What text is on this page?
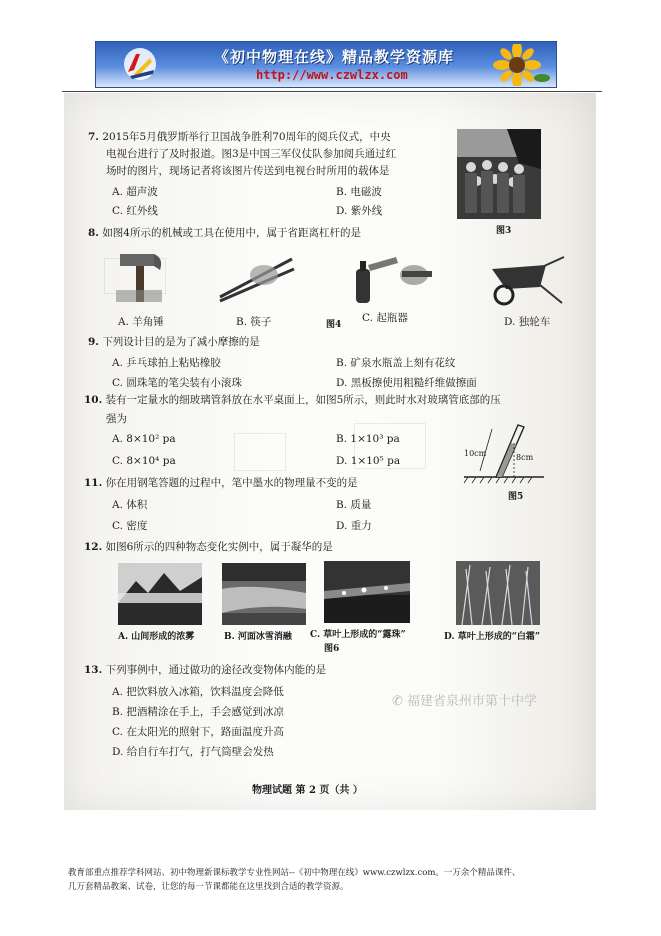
《初中物理在线》精品教学资源库
http://www.czwlzx.com
7. 2015年5月俄罗斯举行卫国战争胜利70周年的阅兵仪式，中央
电视台进行了及时报道。图3是中国三军仪仗队参加阅兵通过红
场时的图片，现场记者将该图片传送到电视台时所用的载体是
A. 超声波	B. 电磁波
C. 红外线	D. 紫外线
图3
8. 如图4所示的机械或工具在使用中，属于省距离杠杆的是
A. 羊角锤	B. 筷子	图4
C. 起瓶器	D. 独轮车
9. 下列设计目的是为了减小摩擦的是
A. 乒乓球拍上粘贴橡胶	B. 矿泉水瓶盖上刻有花纹
C. 圆珠笔的笔尖装有小滚珠	D. 黑板擦使用粗糙纤维做擦面
10. 装有一定量水的细玻璃管斜放在水平桌面上，如图5所示，则此时水对玻璃管底部的压
强为
A. 8×10² pa	B. 1×10³ pa
C. 8×10⁴ pa	D. 1×10⁵ pa
10cm	8cm
图5
11. 你在用钢笔答题的过程中，笔中墨水的物理量不变的是
A. 体积	B. 质量
C. 密度	D. 重力
12. 如图6所示的四种物态变化实例中，属于凝华的是
A. 山间形成的浓雾	B. 河面冰雪消融 C. 草叶上形成的“露珠”	D. 草叶上形成的“白霜”
图6
13. 下列事例中，通过做功的途径改变物体内能的是
A. 把饮料放入冰箱，饮料温度会降低
B. 把酒精涂在手上，手会感觉到冰凉
C. 在太阳光的照射下，路面温度升高
D. 给自行车打气，打气筒壁会发热
物理试题 第 2 页（共 ）
✆ 福建省泉州市第十中学
教育部重点推荐学科网站、初中物理新课标教学专业性网站--《初中物理在线》www.czwlzx.com。一万余个精品课件、
几万套精品教案、试卷，让您的每一节课都能在这里找到合适的教学资源。
